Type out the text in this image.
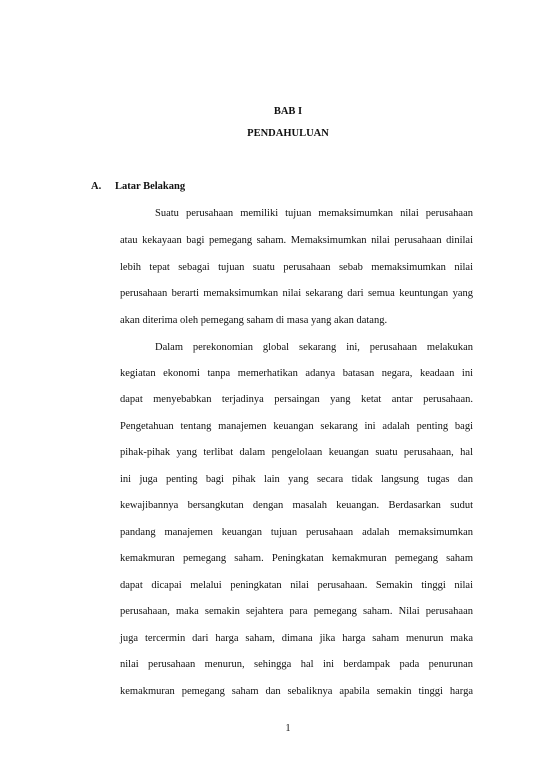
BAB I
PENDAHULUAN
A. Latar Belakang
Suatu perusahaan memiliki tujuan memaksimumkan nilai perusahaan
atau kekayaan bagi pemegang saham. Memaksimumkan nilai perusahaan dinilai
lebih tepat sebagai tujuan suatu perusahaan sebab memaksimumkan nilai
perusahaan berarti memaksimumkan nilai sekarang dari semua keuntungan yang
akan diterima oleh pemegang saham di masa yang akan datang.
Dalam perekonomian global sekarang ini, perusahaan melakukan
kegiatan ekonomi tanpa memerhatikan adanya batasan negara, keadaan ini
dapat menyebabkan terjadinya persaingan yang ketat antar perusahaan.
Pengetahuan tentang manajemen keuangan sekarang ini adalah penting bagi
pihak-pihak yang terlibat dalam pengelolaan keuangan suatu perusahaan, hal
ini juga penting bagi pihak lain yang secara tidak langsung tugas dan
kewajibannya bersangkutan dengan masalah keuangan. Berdasarkan sudut
pandang manajemen keuangan tujuan perusahaan adalah memaksimumkan
kemakmuran pemegang saham. Peningkatan kemakmuran pemegang saham
dapat dicapai melalui peningkatan nilai perusahaan. Semakin tinggi nilai
perusahaan, maka semakin sejahtera para pemegang saham. Nilai perusahaan
juga tercermin dari harga saham, dimana jika harga saham menurun maka
nilai perusahaan menurun, sehingga hal ini berdampak pada penurunan
kemakmuran pemegang saham dan sebaliknya apabila semakin tinggi harga
1
